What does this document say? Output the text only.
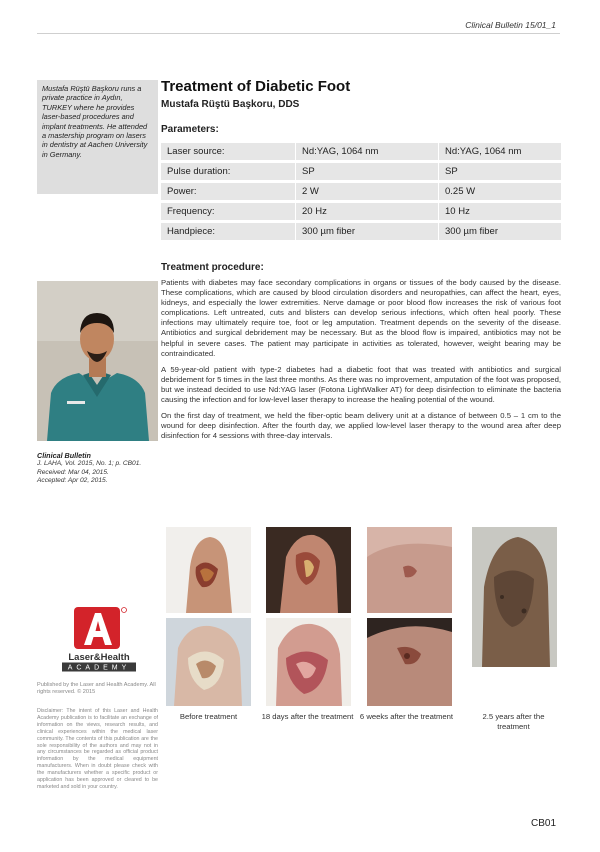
Clinical Bulletin 15/01_1
Mustafa Rüştü Başkoru runs a private practice in Aydın, TURKEY where he provides laser-based procedures and implant treatments. He attended a mastership program on lasers in dentistry at Aachen University in Germany.
Clinical Bulletin
J. LAHA, Vol. 2015, No. 1; p. CB01.
Received: Mar 04, 2015.
Accepted: Apr 02, 2015.
Laser&Health
ACADEMY
Published by the Laser and Health Academy. All rights reserved. © 2015
Disclaimer: The intent of this Laser and Health Academy publication is to facilitate an exchange of information on the views, research results, and clinical experiences within the medical laser community. The contents of this publication are the sole responsibility of the authors and may not in any circumstances be regarded as official product information by the medical equipment manufacturers. When in doubt please check with the manufacturers whether a specific product or application has been approved or cleared to be marketed and sold in your country.
Treatment of Diabetic Foot
Mustafa Rüştü Başkoru, DDS
Parameters:
Laser source:	Nd:YAG, 1064 nm	Nd:YAG, 1064 nm
Pulse duration:	SP	SP
Power:	2 W	0.25 W
Frequency:	20 Hz	10 Hz
Handpiece:	300 µm fiber	300 µm fiber
Treatment procedure:

Patients with diabetes may face secondary complications in organs or tissues of the body caused by the disease. These complications, which are caused by blood circulation disorders and neuropathies, can affect the heart, eyes, kidneys, and especially the lower extremities. Nerve damage or poor blood flow increases the risk of various foot complications. Left untreated, cuts and blisters can develop serious infections, which often heal poorly. These infections may ultimately require toe, foot or leg amputation. Treatment depends on the severity of the disease. Antibiotics and surgical debridement may be necessary. But as the blood flow is impaired, antibiotics may not be helpful in severe cases. The patient may participate in activities as tolerated, however, weight bearing may be contraindicated.

A 59-year-old patient with type-2 diabetes had a diabetic foot that was treated with antibiotics and surgical debridement for 5 times in the last three months. As there was no improvement, amputation of the foot was proposed, but we instead decided to use Nd:YAG laser (Fotona LightWalker AT) for deep disinfection to eliminate the bacteria causing the infection and for low-level laser therapy to increase the healing potential of the wound.

On the first day of treatment, we held the fiber-optic beam delivery unit at a distance of between 0.5 – 1 cm to the wound for deep disinfection. After the fourth day, we applied low-level laser therapy to the wound area after deep disinfection for 4 sessions with three-day intervals.

Before treatment	18 days after the treatment 6 weeks after the treatment	2.5 years after the treatment
CB01
